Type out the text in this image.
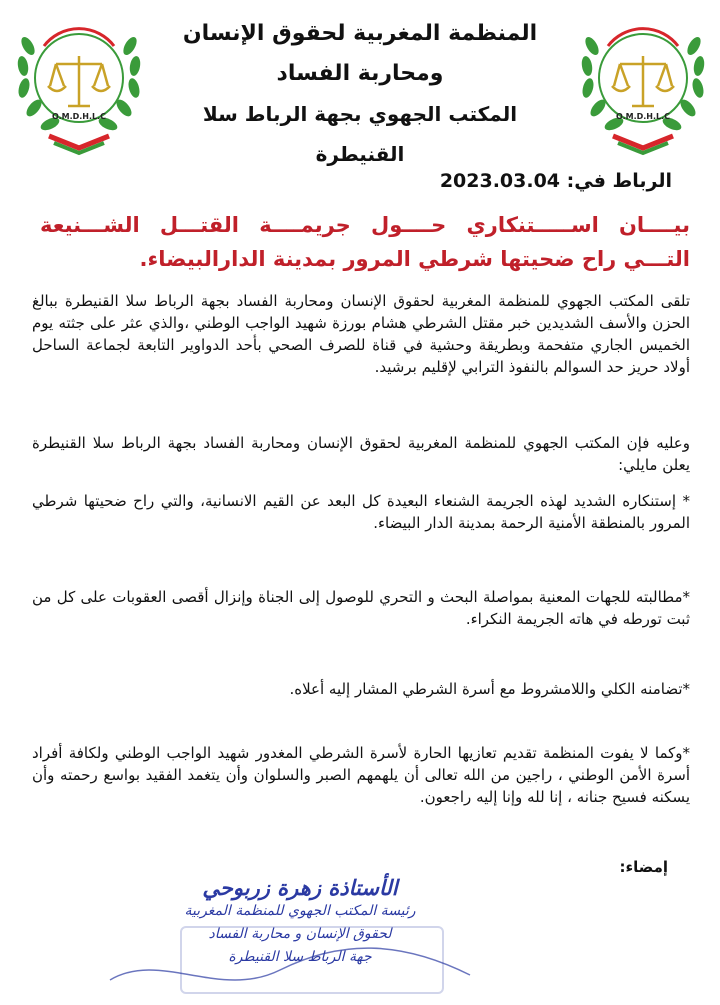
O.M.D.H.L.C
O.M.D.H.L.C
المنظمة المغربية لحقوق الإنسان
ومحاربة الفساد
المكتب الجهوي بجهة الرباط سلا القنيطرة
الرباط في: 2023.03.04
بيــــان اســـــتنكاري حــــول جريمــــة القتـــل الشـــنيعة التـــي راح ضحيتها شرطي المرور بمدينة الدارالبيضاء.
تلقى المكتب الجهوي للمنظمة المغربية لحقوق الإنسان ومحاربة الفساد بجهة الرباط سلا القنيطرة ببالغ الحزن والأسف الشديدين خبر مقتل الشرطي هشام بورزة شهيد الواجب الوطني ،والذي عثر على جثته يوم الخميس الجاري متفحمة وبطريقة وحشية في قناة للصرف الصحي بأحد الدواوير التابعة لجماعة الساحل أولاد حريز حد السوالم بالنفوذ الترابي لإقليم برشيد.
وعليه فإن المكتب الجهوي للمنظمة المغربية لحقوق الإنسان ومحاربة الفساد بجهة الرباط سلا القنيطرة يعلن مايلي:
* إستنكاره الشديد لهذه الجريمة الشنعاء البعيدة كل البعد عن القيم الانسانية، والتي راح ضحيتها شرطي المرور بالمنطقة الأمنية الرحمة بمدينة الدار البيضاء.
*مطالبته للجهات المعنية بمواصلة البحث و التحري للوصول إلى الجناة وإنزال أقصى العقوبات على كل من ثبت تورطه في هاته الجريمة النكراء.
*تضامنه الكلي واللامشروط مع أسرة الشرطي المشار إليه أعلاه.
*وكما لا يفوت المنظمة تقديم تعازيها الحارة لأسرة الشرطي المغدور شهيد الواجب الوطني ولكافة أفراد أسرة الأمن الوطني ، راجين من الله تعالى أن يلهمهم الصبر والسلوان وأن يتغمد الفقيد بواسع رحمته وأن يسكنه فسيح جنانه ، إنا لله وإنا إليه راجعون.
إمضاء:
الأستاذة زهرة زربوحي
رئيسة المكتب الجهوي للمنظمة المغربية
لحقوق الإنسان و محاربة الفساد
جهة الرباط سلا القنيطرة
